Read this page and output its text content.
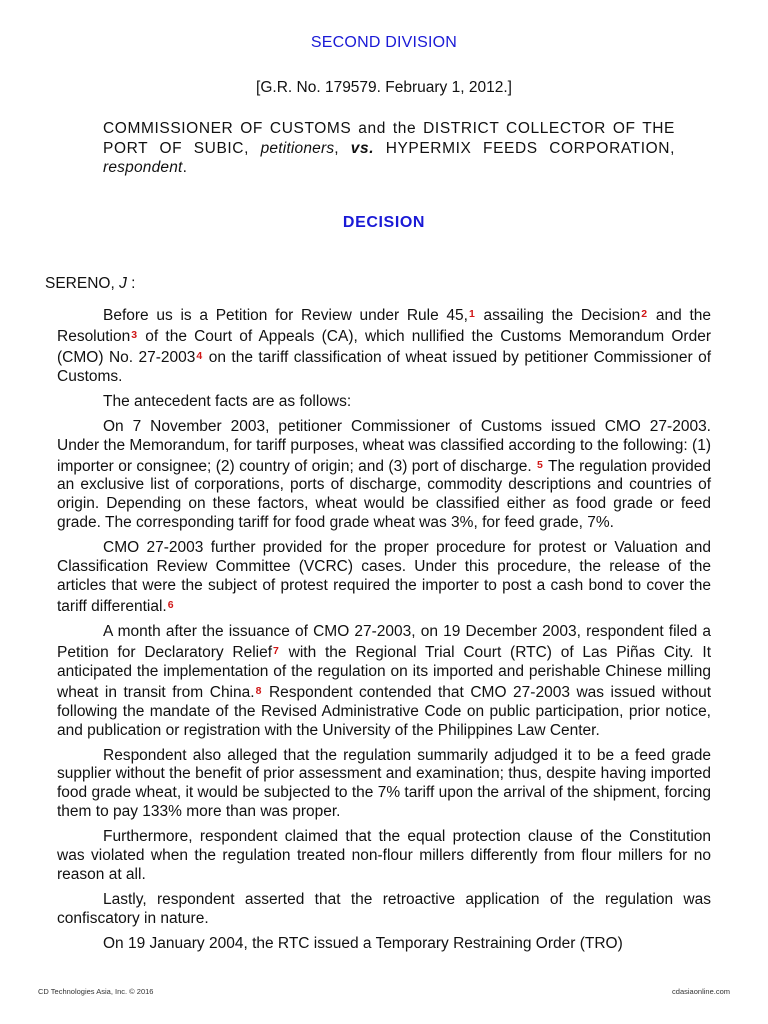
SECOND DIVISION
[G.R. No. 179579. February 1, 2012.]
COMMISSIONER OF CUSTOMS and the DISTRICT COLLECTOR OF THE PORT OF SUBIC, petitioners, vs. HYPERMIX FEEDS CORPORATION, respondent.
DECISION
SERENO, J :

Before us is a Petition for Review under Rule 45,1 assailing the Decision2 and the Resolution3 of the Court of Appeals (CA), which nullified the Customs Memorandum Order (CMO) No. 27-20034 on the tariff classification of wheat issued by petitioner Commissioner of Customs.

The antecedent facts are as follows:

On 7 November 2003, petitioner Commissioner of Customs issued CMO 27-2003. Under the Memorandum, for tariff purposes, wheat was classified according to the following: (1) importer or consignee; (2) country of origin; and (3) port of discharge. 5 The regulation provided an exclusive list of corporations, ports of discharge, commodity descriptions and countries of origin. Depending on these factors, wheat would be classified either as food grade or feed grade. The corresponding tariff for food grade wheat was 3%, for feed grade, 7%.

CMO 27-2003 further provided for the proper procedure for protest or Valuation and Classification Review Committee (VCRC) cases. Under this procedure, the release of the articles that were the subject of protest required the importer to post a cash bond to cover the tariff differential.6

A month after the issuance of CMO 27-2003, on 19 December 2003, respondent filed a Petition for Declaratory Relief7 with the Regional Trial Court (RTC) of Las Piñas City. It anticipated the implementation of the regulation on its imported and perishable Chinese milling wheat in transit from China.8 Respondent contended that CMO 27-2003 was issued without following the mandate of the Revised Administrative Code on public participation, prior notice, and publication or registration with the University of the Philippines Law Center.

Respondent also alleged that the regulation summarily adjudged it to be a feed grade supplier without the benefit of prior assessment and examination; thus, despite having imported food grade wheat, it would be subjected to the 7% tariff upon the arrival of the shipment, forcing them to pay 133% more than was proper.

Furthermore, respondent claimed that the equal protection clause of the Constitution was violated when the regulation treated non-flour millers differently from flour millers for no reason at all.

Lastly, respondent asserted that the retroactive application of the regulation was confiscatory in nature.

On 19 January 2004, the RTC issued a Temporary Restraining Order (TRO)

CD Technologies Asia, Inc. © 2016	cdasiaonline.com
